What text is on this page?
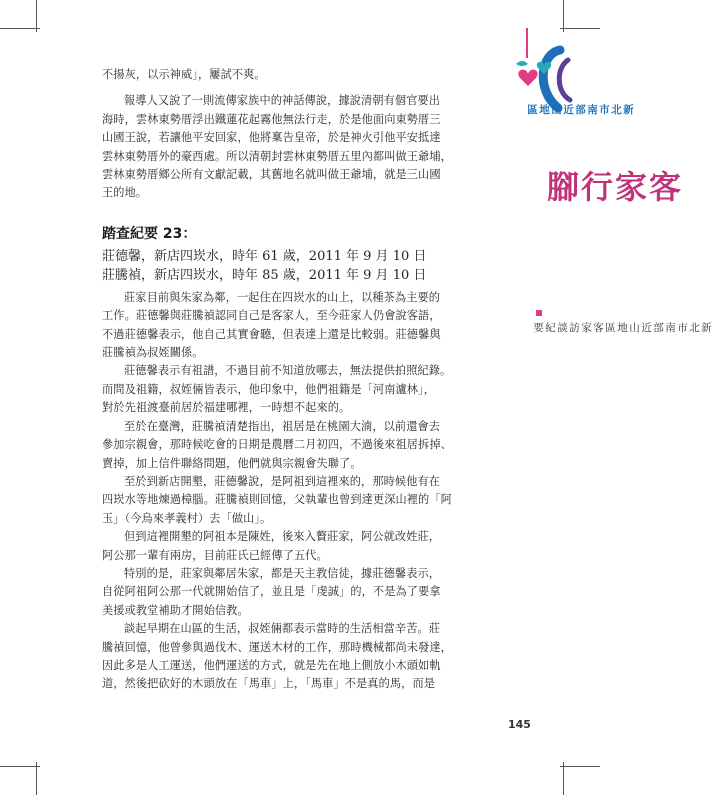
新北市南部近山地區
客家行腳
新北市南部近山地區客家訪談紀要

不揚灰，以示神威」，屢試不爽。

報導人又說了一則流傳家族中的神話傳說，據說清朝有個官要出
海時，雲林東勢厝浮出鐵蓮花起霧他無法行走，於是他面向東勢厝三
山國王說，若讓他平安回家，他將稟告皇帝，於是神火引他平安抵達
雲林東勢厝外的豪西處。所以清朝封雲林東勢厝五里內都叫做王爺埔，
雲林東勢厝鄉公所有文獻記載，其舊地名就叫做王爺埔，就是三山國
王的地。

踏查紀要 23：
莊德馨，新店四崁水，時年 61 歲，2011 年 9 月 10 日
莊騰禎，新店四崁水，時年 85 歲，2011 年 9 月 10 日

莊家目前與朱家為鄰，一起住在四崁水的山上，以種茶為主要的
工作。莊德馨與莊騰禎認同自己是客家人，至今莊家人仍會說客語，
不過莊德馨表示，他自己其實會聽，但表達上還是比較弱。莊德馨與
莊騰禎為叔姪關係。

莊德馨表示有祖譜，不過目前不知道放哪去，無法提供拍照紀錄。
而問及祖籍，叔姪倆皆表示，他印象中，他們祖籍是「河南瀘林」，
對於先祖渡臺前居於福建哪裡，一時想不起來的。

至於在臺灣，莊騰禎清楚指出，祖居是在桃園大湳，以前還會去
參加宗親會，那時候吃會的日期是農曆二月初四，不過後來祖居拆掉、
賣掉，加上信件聯絡問題，他們就與宗親會失聯了。

至於到新店開墾，莊德馨說，是阿祖到這裡來的，那時候他有在
四崁水等地煉過樟腦。莊騰禎則回憶，父執輩也曾到達更深山裡的「阿
玉」（今烏來孝義村）去「做山」。

但到這裡開墾的阿祖本是陳姓，後來入贅莊家，阿公就改姓莊，
阿公那一輩有兩房，目前莊氏已經傳了五代。

特別的是，莊家與鄰居朱家，都是天主教信徒，據莊德馨表示，
自從阿祖阿公那一代就開始信了，並且是「虔誠」的，不是為了要拿
美援或教堂補助才開始信教。

談起早期在山區的生活，叔姪倆都表示當時的生活相當辛苦。莊
騰禎回憶，他曾參與過伐木、運送木材的工作，那時機械都尚未發達，
因此多是人工運送，他們運送的方式，就是先在地上側放小木頭如軌
道，然後把砍好的木頭放在「馬車」上，「馬車」不是真的馬，而是

145
